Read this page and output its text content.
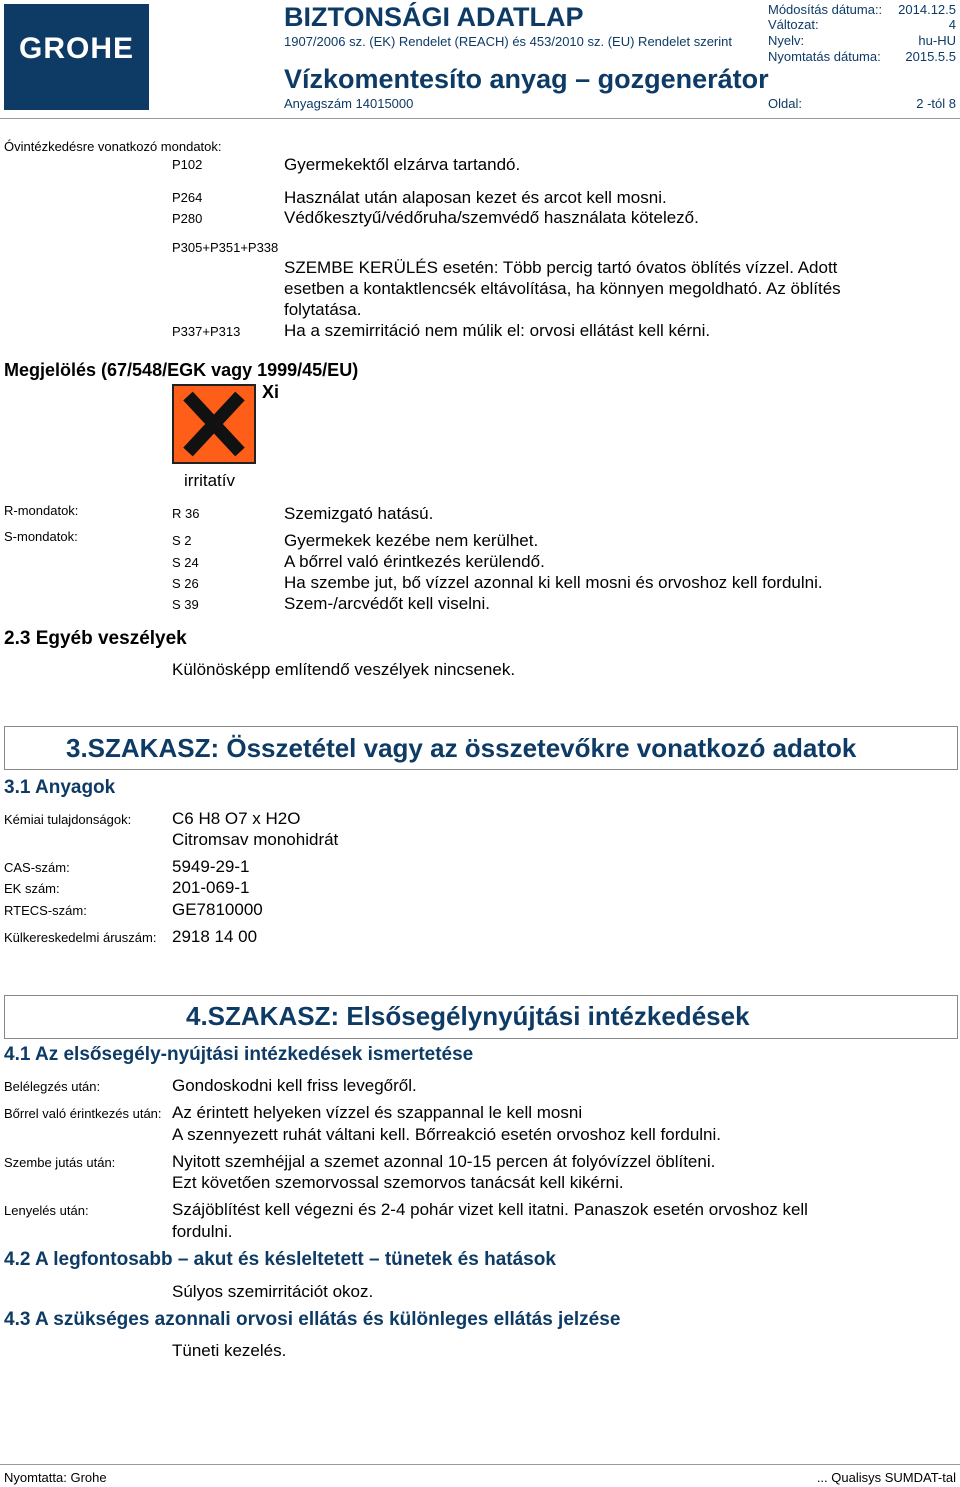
GROHE
BIZTONSÁGI ADATLAP
1907/2006 sz. (EK) Rendelet (REACH) és 453/2010 sz. (EU) Rendelet szerint
Vízkomentesíto anyag – gozgenerátor
Anyagszám 14015000
Módosítás dátuma:: 2014.12.5
Változat:	4
Nyelv:	hu-HU
Nyomtatás dátuma: 2015.5.5
Oldal:	2 -tól 8
Óvintézkedésre vonatkozó mondatok:
P102	Gyermekektől elzárva tartandó.
P264	Használat után alaposan kezet és arcot kell mosni.
P280	Védőkesztyű/védőruha/szemvédő használata kötelező.
P305+P351+P338
SZEMBE KERÜLÉS esetén: Több percig tartó óvatos öblítés vízzel. Adott
esetben a kontaktlencsék eltávolítása, ha könnyen megoldható. Az öblítés
folytatása.
P337+P313	Ha a szemirritáció nem múlik el: orvosi ellátást kell kérni.
Megjelölés (67/548/EGK vagy 1999/45/EU)
Xi
irritatív
R-mondatok:	R 36	Szemizgató hatású.
S-mondatok:	S 2	Gyermekek kezébe nem kerülhet.
S 24	A bőrrel való érintkezés kerülendő.
S 26	Ha szembe jut, bő vízzel azonnal ki kell mosni és orvoshoz kell fordulni.
S 39	Szem-/arcvédőt kell viselni.
2.3 Egyéb veszélyek
Különösképp említendő veszélyek nincsenek.
3.SZAKASZ: Összetétel vagy az összetevőkre vonatkozó adatok
3.1 Anyagok
Kémiai tulajdonságok: C6 H8 O7 x H2O
Citromsav monohidrát
CAS-szám:	5949-29-1
EK szám:	201-069-1
RTECS-szám:	GE7810000
Külkereskedelmi áruszám: 2918 14 00
4.SZAKASZ: Elsősegélynyújtási intézkedések
4.1 Az elsősegély-nyújtási intézkedések ismertetése
Belélegzés után:	Gondoskodni kell friss levegőről.
Bőrrel való érintkezés után: Az érintett helyeken vízzel és szappannal le kell mosni
A szennyezett ruhát váltani kell. Bőrreakció esetén orvoshoz kell fordulni.
Szembe jutás után:	Nyitott szemhéjjal a szemet azonnal 10-15 percen át folyóvízzel öblíteni.
Ezt követően szemorvossal szemorvos tanácsát kell kikérni.
Lenyelés után:	Szájöblítést kell végezni és 2-4 pohár vizet kell itatni. Panaszok esetén orvoshoz kell
fordulni.
4.2 A legfontosabb – akut és késleltetett – tünetek és hatások
Súlyos szemirritációt okoz.
4.3 A szükséges azonnali orvosi ellátás és különleges ellátás jelzése
Tüneti kezelés.
Nyomtatta: Grohe	... Qualisys SUMDAT-tal
